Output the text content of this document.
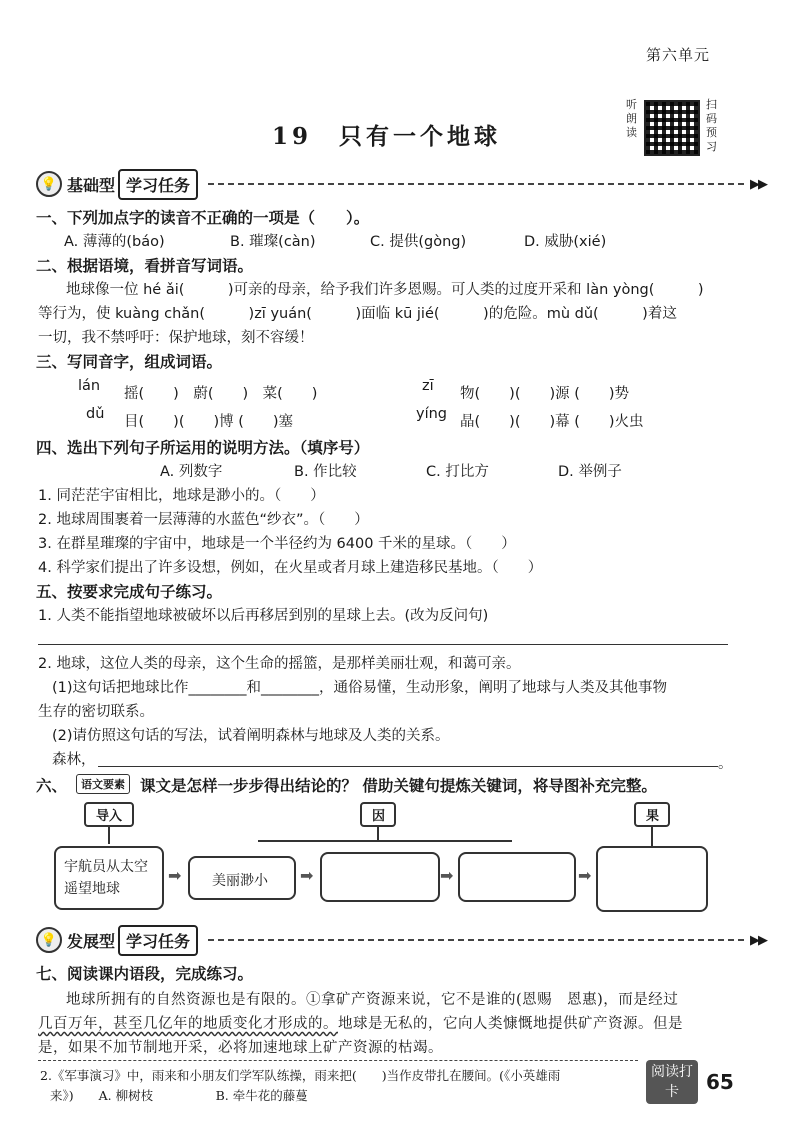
第六单元
19　只有一个地球
听朗读
扫码预习
💡 基础型 学习任务	▶▶
一、下列加点字的读音不正确的一项是（　　）。
A. 薄薄的(báo)	B. 璀璨(càn)	C. 提供(gòng)	D. 威胁(xié)
二、根据语境，看拼音写词语。
地球像一位 hé ǎi(　　　)可亲的母亲，给予我们许多恩赐。可人类的过度开采和 làn yòng(　　　)
等行为，使 kuàng chǎn(　　　)zī yuán(　　　)面临 kū jié(　　　)的危险。mù dǔ(　　　)着这
一切，我不禁呼吁：保护地球，刻不容缓！
三、写同音字，组成词语。
lán 摇(　　)　蔚(　　)　菜(　　)	zī 物(　　)(　　)源 (　　)势
dǔ 目(　　)(　　)博 (　　)塞	yíng 晶(　　)(　　)幕 (　　)火虫
四、选出下列句子所运用的说明方法。（填序号）
A. 列数字	B. 作比较	C. 打比方	D. 举例子
1. 同茫茫宇宙相比，地球是渺小的。（　　）
2. 地球周围裹着一层薄薄的水蓝色“纱衣”。（　　）
3. 在群星璀璨的宇宙中，地球是一个半径约为 6400 千米的星球。（　　）
4. 科学家们提出了许多设想，例如，在火星或者月球上建造移民基地。（　　）
五、按要求完成句子练习。
1. 人类不能指望地球被破坏以后再移居到别的星球上去。(改为反问句)
2. 地球，这位人类的母亲，这个生命的摇篮，是那样美丽壮观，和蔼可亲。
(1)这句话把地球比作________和________，通俗易懂，生动形象，阐明了地球与人类及其他事物
生存的密切联系。
(2)请仿照这句话的写法，试着阐明森林与地球及人类的关系。
森林，	。
六、	语文要素 课文是怎样一步步得出结论的？ 借助关键句提炼关键词，将导图补充完整。
导入	因	果
宇航员从太空遥望地球
➡	美丽渺小	➡	➡	➡
💡 发展型 学习任务	▶▶
七、阅读课内语段，完成练习。
地球所拥有的自然资源也是有限的。①拿矿产资源来说，它不是谁的(恩赐　恩惠)，而是经过
几百万年，甚至几亿年的地质变化才形成的。地球是无私的，它向人类慷慨地提供矿产资源。但是
是，如果不加节制地开采，必将加速地球上矿产资源的枯竭。
2.《军事演习》中，雨来和小朋友们学军队练操，雨来把(　　)当作皮带扎在腰间。(《小英雄雨
来》)　　A. 柳树枝　　　　　B. 牵牛花的藤蔓
阅读打卡	65
